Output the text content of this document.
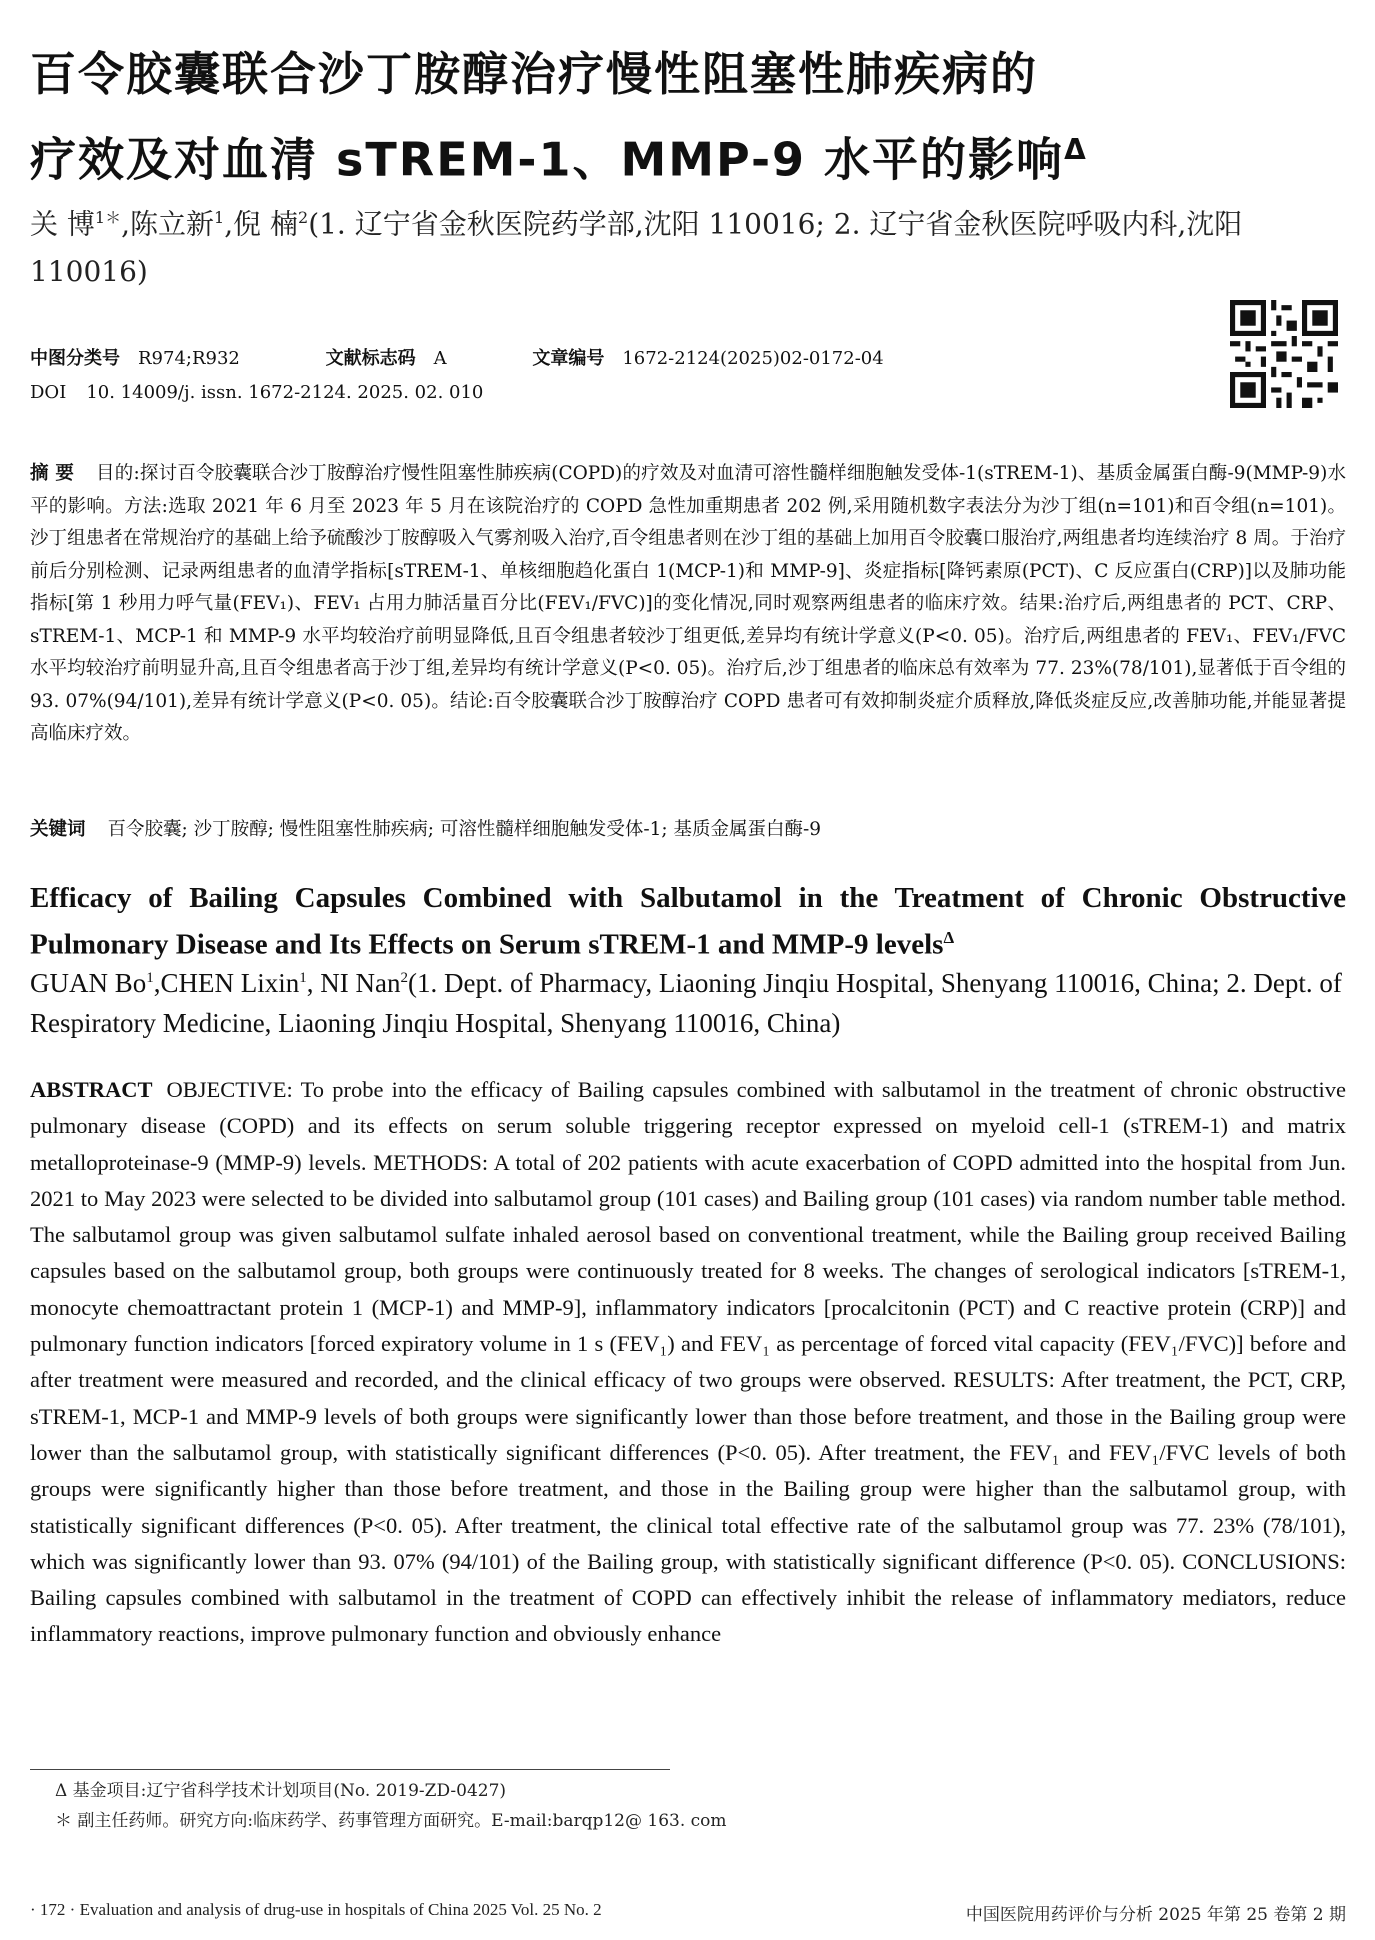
百令胶囊联合沙丁胺醇治疗慢性阻塞性肺疾病的
疗效及对血清 sTREM-1、MMP-9 水平的影响$^\Delta$

关 博$^{1*}$,陈立新$^1$,倪 楠$^2$(1. 辽宁省金秋医院药学部,沈阳 110016; 2. 辽宁省金秋医院呼吸内科,沈阳 110016)

中图分类号 R974;R932	文献标志码 A	文章编号 1672-2124(2025)02-0172-04
DOI 10. 14009/j. issn. 1672-2124. 2025. 02. 010

摘 要 目的:探讨百令胶囊联合沙丁胺醇治疗慢性阻塞性肺疾病(COPD)的疗效及对血清可溶性髓样细胞触发受体-1(sTREM-1)、基质金属蛋白酶-9(MMP-9)水平的影响。方法:选取 2021 年 6 月至 2023 年 5 月在该院治疗的 COPD 急性加重期患者 202 例,采用随机数字表法分为沙丁组(n=101)和百令组(n=101)。沙丁组患者在常规治疗的基础上给予硫酸沙丁胺醇吸入气雾剂吸入治疗,百令组患者则在沙丁组的基础上加用百令胶囊口服治疗,两组患者均连续治疗 8 周。于治疗前后分别检测、记录两组患者的血清学指标[sTREM-1、单核细胞趋化蛋白 1(MCP-1)和 MMP-9]、炎症指标[降钙素原(PCT)、C 反应蛋白(CRP)]以及肺功能指标[第 1 秒用力呼气量(FEV₁)、FEV₁ 占用力肺活量百分比(FEV₁/FVC)]的变化情况,同时观察两组患者的临床疗效。结果:治疗后,两组患者的 PCT、CRP、sTREM-1、MCP-1 和 MMP-9 水平均较治疗前明显降低,且百令组患者较沙丁组更低,差异均有统计学意义(P<0. 05)。治疗后,两组患者的 FEV₁、FEV₁/FVC 水平均较治疗前明显升高,且百令组患者高于沙丁组,差异均有统计学意义(P<0. 05)。治疗后,沙丁组患者的临床总有效率为 77. 23%(78/101),显著低于百令组的 93. 07%(94/101),差异有统计学意义(P<0. 05)。结论:百令胶囊联合沙丁胺醇治疗 COPD 患者可有效抑制炎症介质释放,降低炎症反应,改善肺功能,并能显著提高临床疗效。

关键词 百令胶囊; 沙丁胺醇; 慢性阻塞性肺疾病; 可溶性髓样细胞触发受体-1; 基质金属蛋白酶-9

Efficacy of Bailing Capsules Combined with Salbutamol in the Treatment of Chronic Obstructive Pulmonary Disease and Its Effects on Serum sTREM-1 and MMP-9 levels$^\Delta$

GUAN Bo$^1$,CHEN Lixin$^1$, NI Nan$^2$(1. Dept. of Pharmacy, Liaoning Jinqiu Hospital, Shenyang 110016, China; 2. Dept. of Respiratory Medicine, Liaoning Jinqiu Hospital, Shenyang 110016, China)

ABSTRACT OBJECTIVE: To probe into the efficacy of Bailing capsules combined with salbutamol in the treatment of chronic obstructive pulmonary disease (COPD) and its effects on serum soluble triggering receptor expressed on myeloid cell-1 (sTREM-1) and matrix metalloproteinase-9 (MMP-9) levels. METHODS: A total of 202 patients with acute exacerbation of COPD admitted into the hospital from Jun. 2021 to May 2023 were selected to be divided into salbutamol group (101 cases) and Bailing group (101 cases) via random number table method. The salbutamol group was given salbutamol sulfate inhaled aerosol based on conventional treatment, while the Bailing group received Bailing capsules based on the salbutamol group, both groups were continuously treated for 8 weeks. The changes of serological indicators [sTREM-1, monocyte chemoattractant protein 1 (MCP-1) and MMP-9], inflammatory indicators [procalcitonin (PCT) and C reactive protein (CRP)] and pulmonary function indicators [forced expiratory volume in 1 s (FEV₁) and FEV₁ as percentage of forced vital capacity (FEV₁/FVC)] before and after treatment were measured and recorded, and the clinical efficacy of two groups were observed. RESULTS: After treatment, the PCT, CRP, sTREM-1, MCP-1 and MMP-9 levels of both groups were significantly lower than those before treatment, and those in the Bailing group were lower than the salbutamol group, with statistically significant differences (P<0. 05). After treatment, the FEV₁ and FEV₁/FVC levels of both groups were significantly higher than those before treatment, and those in the Bailing group were higher than the salbutamol group, with statistically significant differences (P<0. 05). After treatment, the clinical total effective rate of the salbutamol group was 77. 23% (78/101), which was significantly lower than 93. 07% (94/101) of the Bailing group, with statistically significant difference (P<0. 05). CONCLUSIONS: Bailing capsules combined with salbutamol in the treatment of COPD can effectively inhibit the release of inflammatory mediators, reduce inflammatory reactions, improve pulmonary function and obviously enhance

Δ 基金项目:辽宁省科学技术计划项目(No. 2019-ZD-0427)
＊ 副主任药师。研究方向:临床药学、药事管理方面研究。E-mail:barqp12@ 163. com

· 172 · Evaluation and analysis of drug-use in hospitals of China 2025 Vol. 25 No. 2	中国医院用药评价与分析 2025 年第 25 卷第 2 期
